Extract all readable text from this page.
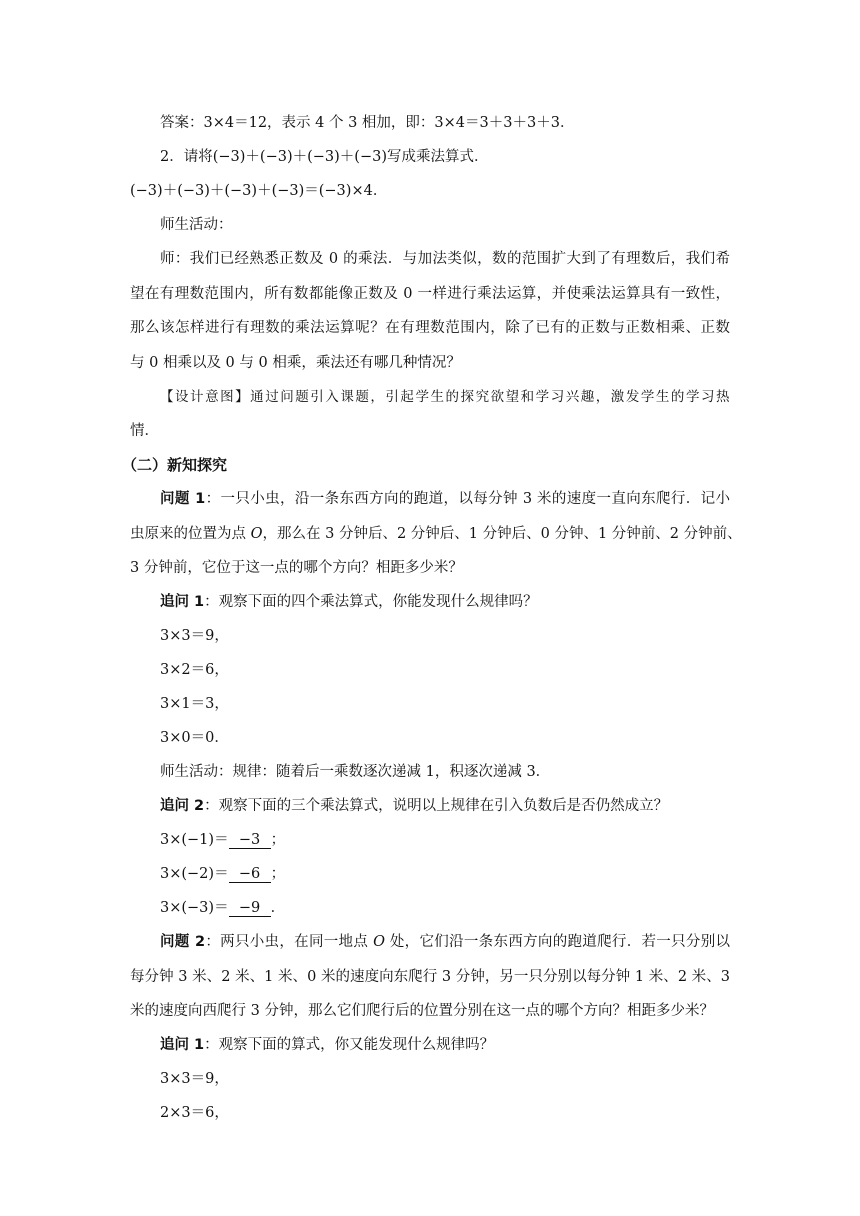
答案：3×4＝12，表示 4 个 3 相加，即：3×4＝3＋3＋3＋3．
2．请将(−3)＋(−3)＋(−3)＋(−3)写成乘法算式．
(−3)＋(−3)＋(−3)＋(−3)＝(−3)×4．
师生活动：
师：我们已经熟悉正数及 0 的乘法．与加法类似，数的范围扩大到了有理数后，我们希
望在有理数范围内，所有数都能像正数及 0 一样进行乘法运算，并使乘法运算具有一致性，
那么该怎样进行有理数的乘法运算呢？在有理数范围内，除了已有的正数与正数相乘、正数
与 0 相乘以及 0 与 0 相乘，乘法还有哪几种情况？
【设计意图】通过问题引入课题，引起学生的探究欲望和学习兴趣，激发学生的学习热
情．
（二）新知探究
问题 1：一只小虫，沿一条东西方向的跑道，以每分钟 3 米的速度一直向东爬行．记小
虫原来的位置为点 O，那么在 3 分钟后、2 分钟后、1 分钟后、0 分钟、1 分钟前、2 分钟前、
3 分钟前，它位于这一点的哪个方向？相距多少米？
追问 1：观察下面的四个乘法算式，你能发现什么规律吗？
3×3＝9，
3×2＝6，
3×1＝3，
3×0＝0．
师生活动：规律：随着后一乘数逐次递减 1，积逐次递减 3．
追问 2：观察下面的三个乘法算式，说明以上规律在引入负数后是否仍然成立？
3×(−1)＝ −3 ；
3×(−2)＝ −6 ；
3×(−3)＝ −9 ．
问题 2：两只小虫，在同一地点 O 处，它们沿一条东西方向的跑道爬行．若一只分别以
每分钟 3 米、2 米、1 米、0 米的速度向东爬行 3 分钟，另一只分别以每分钟 1 米、2 米、3
米的速度向西爬行 3 分钟，那么它们爬行后的位置分别在这一点的哪个方向？相距多少米？
追问 1：观察下面的算式，你又能发现什么规律吗？
3×3＝9，
2×3＝6，
